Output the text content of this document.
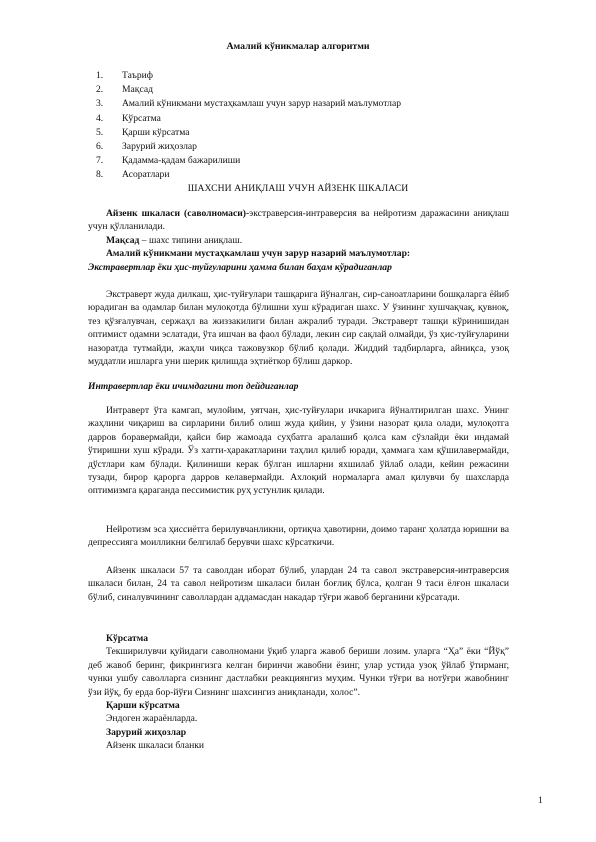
Амалий кўникмалар алгоритми
1. Таъриф
2. Мақсад
3. Амалий кўникмани мустаҳкамлаш учун зарур назарий маълумотлар
4. Кўрсатма
5. Қарши кўрсатма
6. Зарурий жиҳозлар
7. Қадамма-қадам бажарилиши
8. Асоратлари
ШАХСНИ АНИҚЛАШ УЧУН АЙЗЕНК ШКАЛАСИ

Айзенк шкаласи (саволномаси)-экстраверсия-интраверсия ва нейротизм даражасини аниқлаш учун қўлланилади.

Мақсад – шахс типини аниқлаш.

Амалий кўникмани мустаҳкамлаш учун зарур назарий маълумотлар:

Экстравертлар ёки ҳис-туйғуларини ҳамма билан баҳам кўрадиганлар

Экстраверт жуда дилкаш, ҳис-туйғулари ташқарига йўналган, сир-саноатларини бошқаларга ёйиб юрадиган ва одамлар билан мулоқотда бўлишни хуш кўрадиган шахс. У ўзининг хушчақчақ, қувноқ, тез қўзғалувчан, сержаҳл ва жиззакилиги билан ажралиб туради. Экстраверт ташқи кўринишидан оптимист одамни эслатади, ўта ишчан ва фаол бўлади, лекин сир сақлай олмайди, ўз ҳис-туйғуларини назоратда тутмайди, жаҳли чиқса тажовузкор бўлиб қолади. Жиддий тадбирларга, айниқса, узоқ муддатли ишларга уни шерик қилишда эҳтиёткор бўлиш даркор.
Интравертлар ёки ичимдагини топ дейдиганлар
Интраверт ўта камгап, мулойим, уятчан, ҳис-туйғулари ичкарига йўналтирилган шахс. Унинг жаҳлини чиқариш ва сирларини билиб олиш жуда қийин, у ўзини назорат қила олади, мулоқотга дарров боравермайди, қайси бир жамоада суҳбатга аралашиб қолса кам сўзлайди ёки индамай ўтиришни хуш кўради. Ўз хатти-ҳаракатларини таҳлил қилиб юради, ҳаммага хам қўшилавермайди, дўстлари кам бўлади. Қилиниши керак бўлган ишларни яхшилаб ўйлаб олади, кейин режасини тузади, бирор қарорга дарров келавермайди. Ахлоқий нормаларга амал қилувчи бу шахсларда оптимизмга қараганда пессимистик руҳ устунлик қилади.
Нейротизм эса ҳиссиётга берилувчанликни, ортиқча ҳавотирни, доимо таранг ҳолатда юришни ва депрессияга моилликни белгилаб берувчи шахс кўрсаткичи.
Айзенк шкаласи 57 та саволдан иборат бўлиб, улардан 24 та савол экстраверсия-интраверсия шкаласи билан, 24 та савол нейротизм шкаласи билан боғлиқ бўлса, қолган 9 таси ёлғон шкаласи бўлиб, синалувчининг саволлардан аддамасдан накадар тўғри жавоб берганини кўрсатади.

Кўрсатма

Текширилувчи қуйидаги саволномани ўқиб уларга жавоб бериши лозим. уларга “Ҳа” ёки “Йўқ” деб жавоб беринг, фикрингизга келган биринчи жавобни ёзинг, улар устида узоқ ўйлаб ўтирманг, чунки ушбу саволларга сизнинг дастлабки реакциянгиз муҳим. Чунки тўғри ва нотўғри жавобнинг ўзи йўқ, бу ерда бор-йўғи Сизнинг шахсингиз аниқланади, холос”.

Қарши кўрсатма

Эндоген жараёнларда.

Зарурий жиҳозлар

Айзенк шкаласи бланки

1
